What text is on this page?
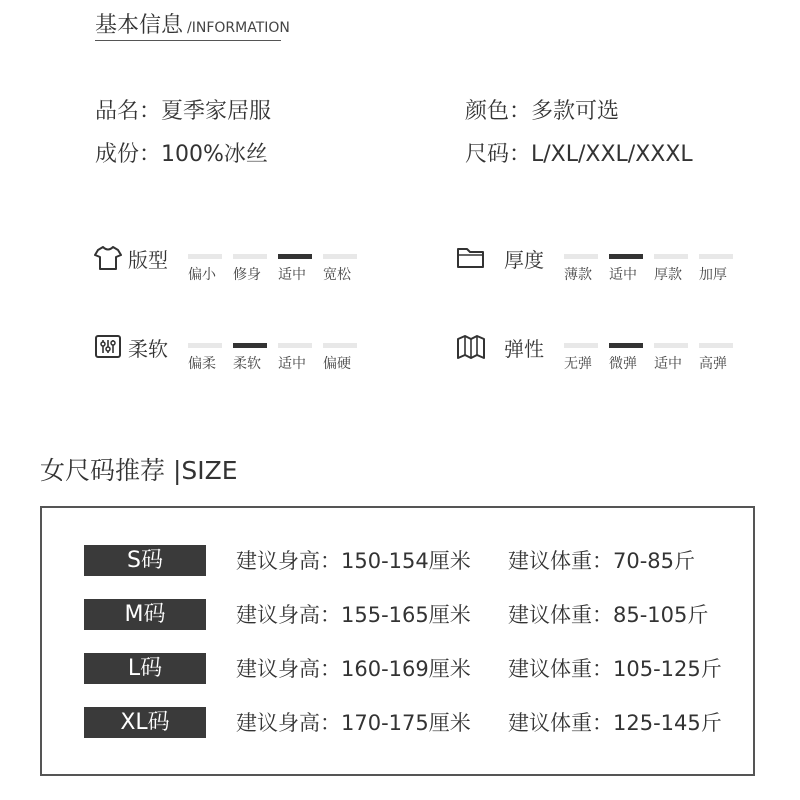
基本信息 /INFORMATION
品名：夏季家居服	颜色：多款可选
成份：100%冰丝	尺码：L/XL/XXL/XXXL
版型
偏小	修身	适中	宽松
厚度
薄款	适中	厚款	加厚
柔软
偏柔	柔软	适中	偏硬
弹性
无弹	微弹	适中	高弹
女尺码推荐 |SIZE
S码	建议身高：150-154厘米 建议体重：70-85斤
M码	建议身高：155-165厘米 建议体重：85-105斤
L码	建议身高：160-169厘米 建议体重：105-125斤
XL码	建议身高：170-175厘米 建议体重：125-145斤
